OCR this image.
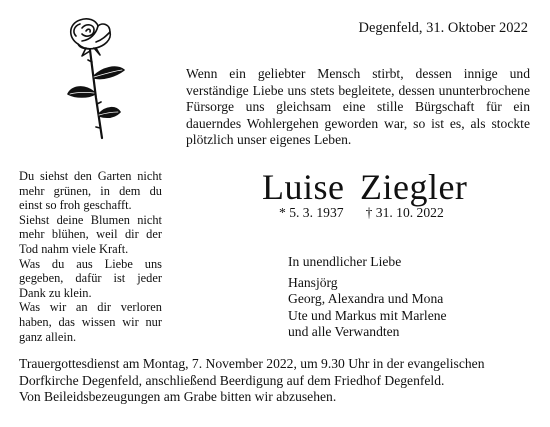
Degenfeld, 31. Oktober 2022
Wenn ein geliebter Mensch stirbt, dessen innige und verständige Liebe uns stets begleitete, dessen ununterbrochene Fürsorge uns gleichsam eine stille Bürgschaft für ein dauerndes Wohlergehen geworden war, so ist es, als stockte plötzlich unser eigenes Leben.

Du siehst den Garten nicht mehr grünen, in dem du einst so froh geschafft.

Siehst deine Blumen nicht mehr blühen, weil dir der Tod nahm viele Kraft.

Was du aus Liebe uns gegeben, dafür ist jeder Dank zu klein.

Was wir an dir verloren haben, das wissen wir nur ganz allein.

Luise Ziegler
* 5. 3. 1937 † 31. 10. 2022
In unendlicher Liebe
Hansjörg
Georg, Alexandra und Mona
Ute und Markus mit Marlene
und alle Verwandten
Trauergottesdienst am Montag, 7. November 2022, um 9.30 Uhr in der evangelischen
Dorfkirche Degenfeld, anschließend Beerdigung auf dem Friedhof Degenfeld.
Von Beileidsbezeugungen am Grabe bitten wir abzusehen.
